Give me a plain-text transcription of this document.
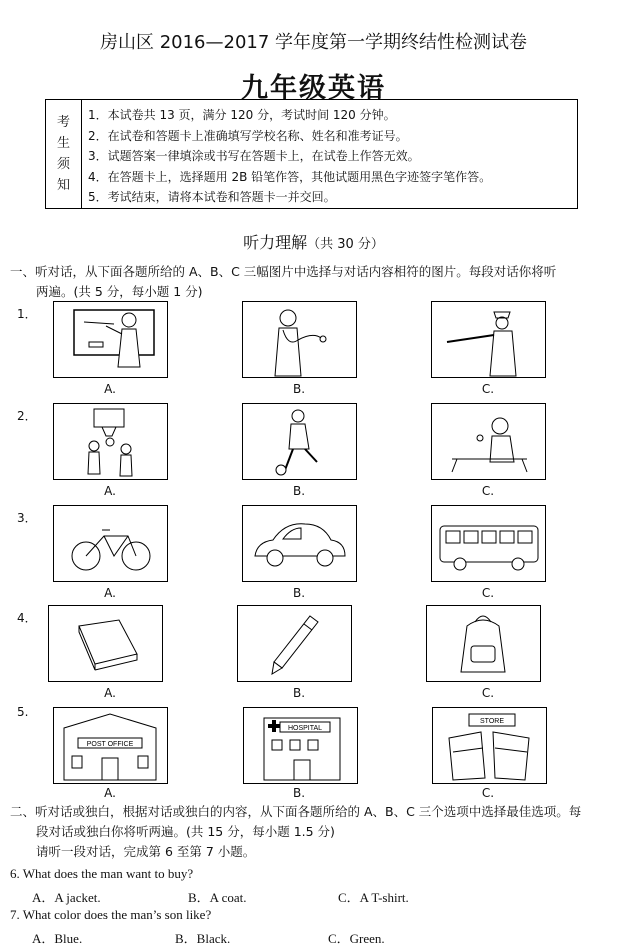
房山区 2016—2017 学年度第一学期终结性检测试卷
九年级英语
考
生
须
知
1．本试卷共 13 页，满分 120 分，考试时间 120 分钟。
2．在试卷和答题卡上准确填写学校名称、姓名和准考证号。
3．试题答案一律填涂或书写在答题卡上，在试卷上作答无效。
4．在答题卡上，选择题用 2B 铅笔作答，其他试题用黑色字迹签字笔作答。
5．考试结束，请将本试卷和答题卡一并交回。
听力理解（共 30 分）
一、听对话，从下面各题所给的 A、B、C 三幅图片中选择与对话内容相符的图片。每段对话你将听
两遍。(共 5 分，每小题 1 分)
1．
A.	B.	C.
2．
A.	B.	C.
3．
A.	B.	C.
4．
A.	B.	C.
5.
POST OFFICE
HOSPITAL
STORE
A.	B.	C.
二、听对话或独白，根据对话或独白的内容，从下面各题所给的 A、B、C 三个选项中选择最佳选项。每
段对话或独白你将听两遍。(共 15 分，每小题 1.5 分)
请听一段对话，完成第 6 至第 7 小题。
6. What does the man want to buy?
A．A jacket.	B．A coat.	C．A T-shirt.
7. What color does the man’s son like?
A．Blue.	B．Black.	C．Green.
